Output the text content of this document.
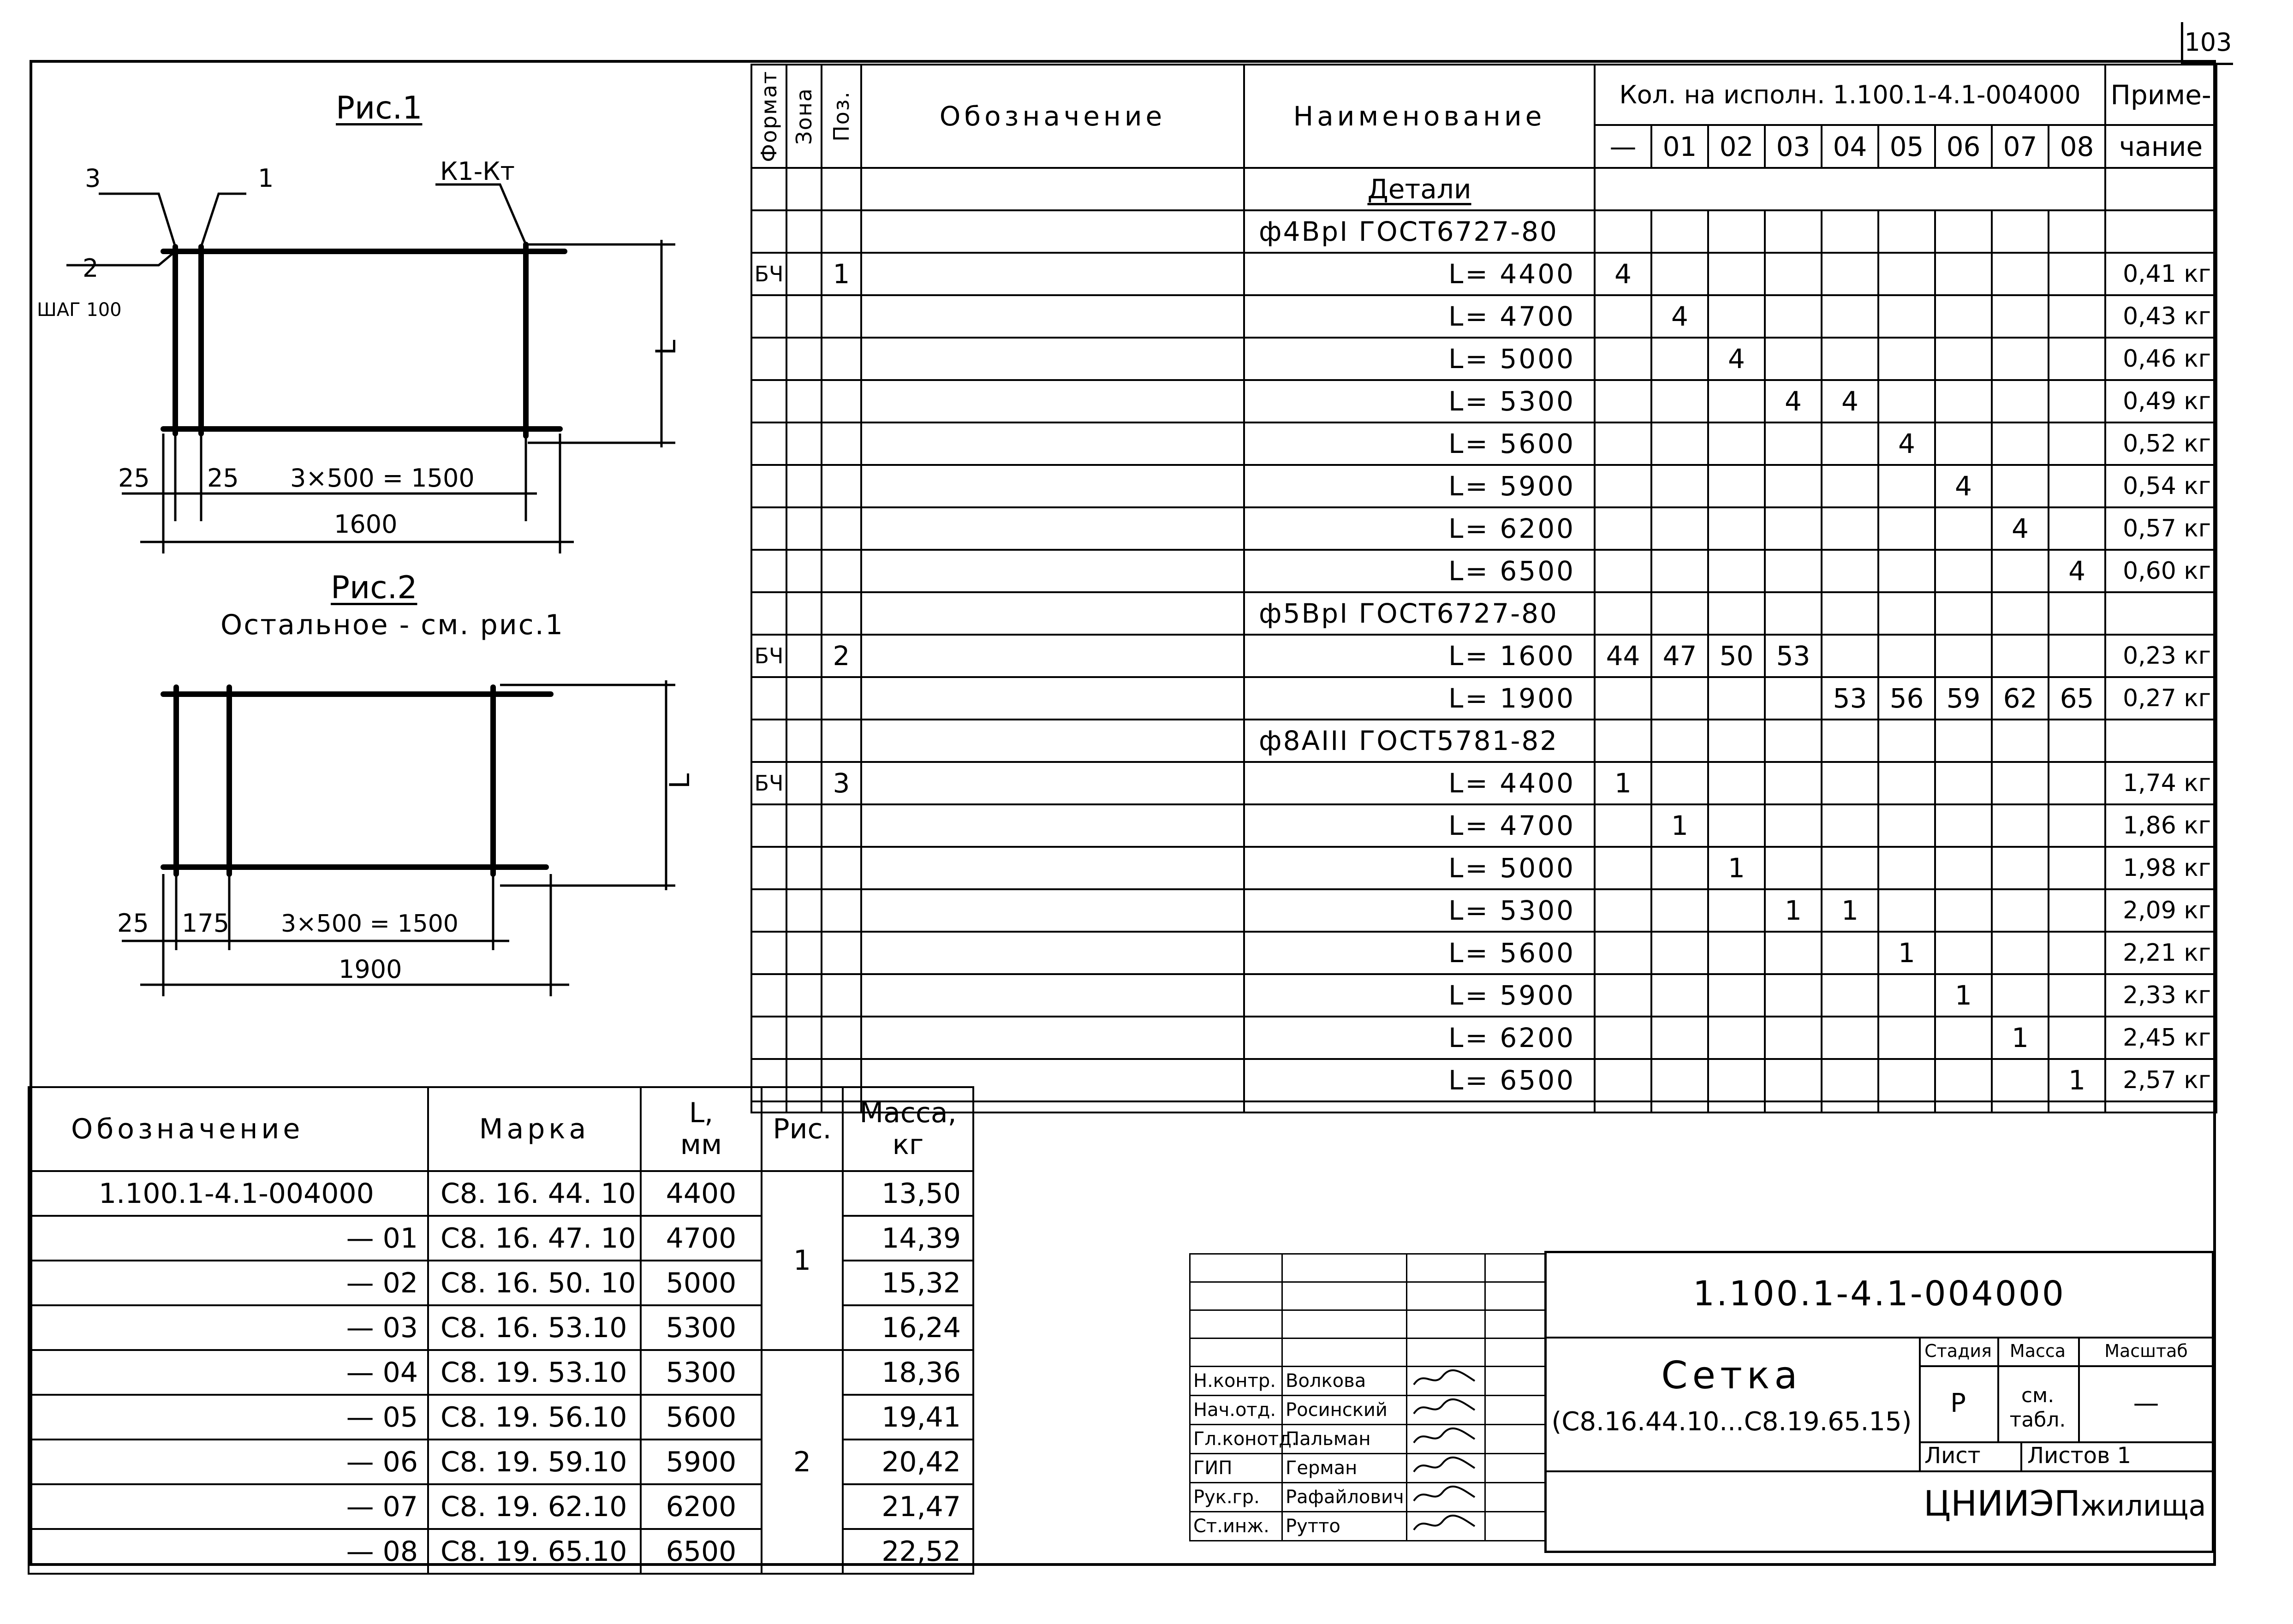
103
Рис.1
3	1	К1-Кт
2
ШАГ 100
L
25 25 3×500 = 1500
1600
Рис.2
Остальное - см. рис.1
L
25 175 3×500 = 1500
1900
Формат	Зона	Поз.	Обозначение	Наименование	Кол. на исполн. 1.100.1-4.1-004000									Приме-
					—	01	02	03	04	05	06	07	08	чание
				Детали										
				ф4ВрI ГОСТ6727-80										
БЧ		1		L= 4400	4									0,41 кг
				L= 4700		4								0,43 кг
				L= 5000			4							0,46 кг
				L= 5300				4	4					0,49 кг
				L= 5600						4				0,52 кг
				L= 5900							4			0,54 кг
				L= 6200								4		0,57 кг
				L= 6500									4	0,60 кг
				ф5ВрI ГОСТ6727-80										
БЧ		2		L= 1600	44	47	50	53						0,23 кг
				L= 1900					53	56	59	62	65	0,27 кг
				ф8АIII ГОСТ5781-82										
БЧ		3		L= 4400	1									1,74 кг
				L= 4700		1								1,86 кг
				L= 5000			1							1,98 кг
				L= 5300				1	1					2,09 кг
				L= 5600						1				2,21 кг
				L= 5900							1			2,33 кг
				L= 6200								1		2,45 кг
				L= 6500									1	2,57 кг

Обозначение	Марка	L,
мм	Рис.	Масса,
кг
1.100.1-4.1-004000	С8. 16. 44. 10	4400	1	13,50
— 01	С8. 16. 47. 10	4700		14,39
— 02	С8. 16. 50. 10	5000		15,32
— 03	С8. 16. 53.10	5300		16,24
— 04	С8. 19. 53.10	5300	2	18,36
— 05	С8. 19. 56.10	5600		19,41
— 06	С8. 19. 59.10	5900		20,42
— 07	С8. 19. 62.10	6200		21,47
— 08	С8. 19. 65.10	6500		22,52

Н.контр.	Волкова		
Нач.отд.	Росинский		
Гл.конотд.	Пальман		
ГИП	Герман		
Рук.гр.	Рафайлович		
Ст.инж.	Рутто		
1.100.1-4.1-004000
Сетка
(С8.16.44.10...С8.19.65.15)
Стадия	Масса	Масштаб
Р	см. табл.
—
Лист	Листов 1
ЦНИИЭПжилища
